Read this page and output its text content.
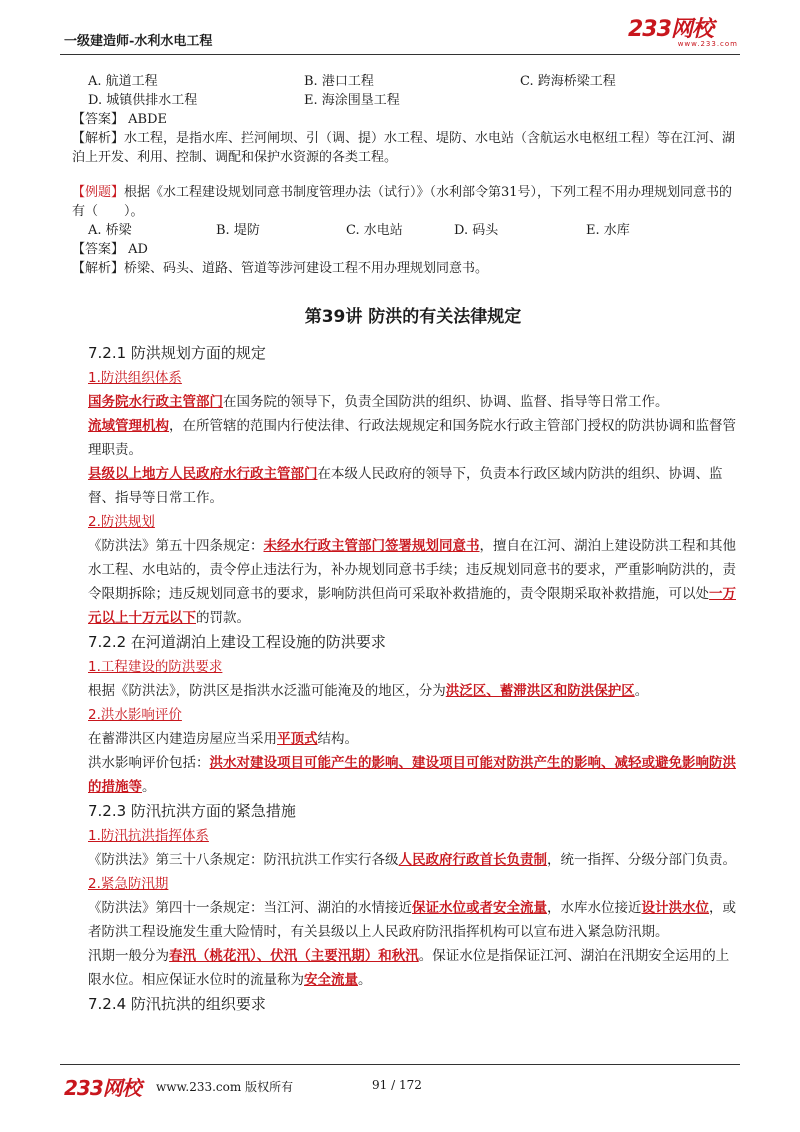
一级建造师-水利水电工程	233网校
www.233.com
A. 航道工程	B. 港口工程	C. 跨海桥梁工程
D. 城镇供排水工程	E. 海涂围垦工程
【答案】 ABDE
【解析】水工程，是指水库、拦河闸坝、引（调、提）水工程、堤防、水电站（含航运水电枢纽工程）等在江河、湖泊上开发、利用、控制、调配和保护水资源的各类工程。
【例题】根据《水工程建设规划同意书制度管理办法（试行）》（水利部令第31号），下列工程不用办理规划同意书的有（　　）。
A. 桥梁	B. 堤防	C. 水电站	D. 码头	E. 水库
【答案】 AD
【解析】桥梁、码头、道路、管道等涉河建设工程不用办理规划同意书。
第39讲 防洪的有关法律规定
7.2.1 防洪规划方面的规定
1.防洪组织体系
国务院水行政主管部门在国务院的领导下，负责全国防洪的组织、协调、监督、指导等日常工作。
流域管理机构，在所管辖的范围内行使法律、行政法规规定和国务院水行政主管部门授权的防洪协调和监督管理职责。
县级以上地方人民政府水行政主管部门在本级人民政府的领导下，负责本行政区域内防洪的组织、协调、监督、指导等日常工作。
2.防洪规划
《防洪法》第五十四条规定：未经水行政主管部门签署规划同意书，擅自在江河、湖泊上建设防洪工程和其他水工程、水电站的，责令停止违法行为，补办规划同意书手续；违反规划同意书的要求，严重影响防洪的，责令限期拆除；违反规划同意书的要求，影响防洪但尚可采取补救措施的，责令限期采取补救措施，可以处一万元以上十万元以下的罚款。
7.2.2 在河道湖泊上建设工程设施的防洪要求
1.工程建设的防洪要求
根据《防洪法》，防洪区是指洪水泛滥可能淹及的地区，分为洪泛区、蓄滞洪区和防洪保护区。
2.洪水影响评价
在蓄滞洪区内建造房屋应当采用平顶式结构。
洪水影响评价包括：洪水对建设项目可能产生的影响、建设项目可能对防洪产生的影响、减轻或避免影响防洪的措施等。
7.2.3 防汛抗洪方面的紧急措施
1.防汛抗洪指挥体系
《防洪法》第三十八条规定：防汛抗洪工作实行各级人民政府行政首长负责制，统一指挥、分级分部门负责。
2.紧急防汛期
《防洪法》第四十一条规定：当江河、湖泊的水情接近保证水位或者安全流量，水库水位接近设计洪水位，或者防洪工程设施发生重大险情时，有关县级以上人民政府防汛指挥机构可以宣布进入紧急防汛期。
汛期一般分为春汛（桃花汛）、伏汛（主要汛期）和秋汛。保证水位是指保证江河、湖泊在汛期安全运用的上限水位。相应保证水位时的流量称为安全流量。
7.2.4 防汛抗洪的组织要求
233网校 www.233.com 版权所有	91 / 172
